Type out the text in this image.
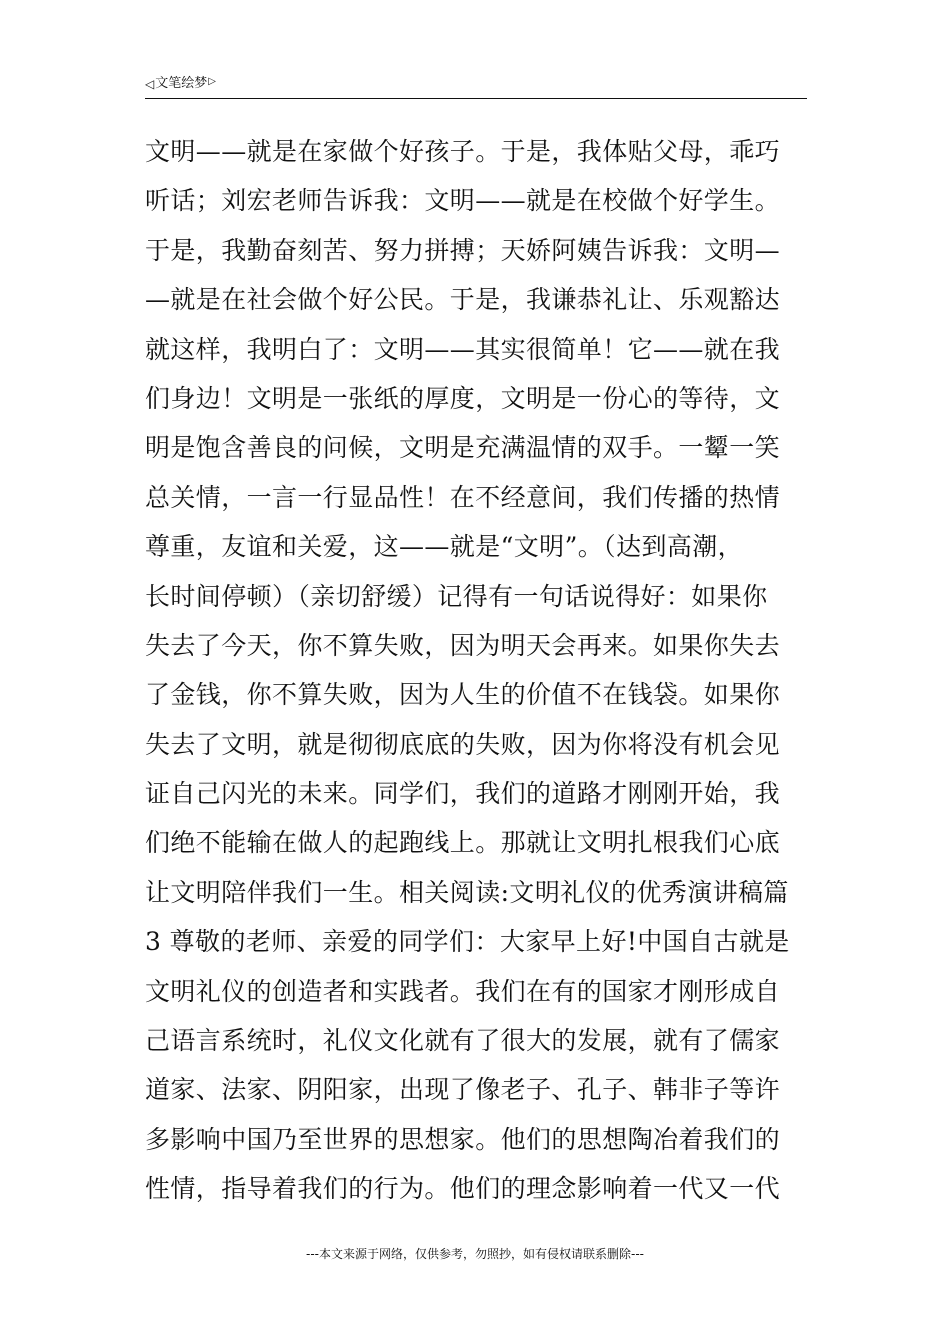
◁ 文笔绘梦 ▷
文明——就是在家做个好孩子。于是，我体贴父母，乖巧
听话；刘宏老师告诉我：文明——就是在校做个好学生。
于是，我勤奋刻苦、努力拼搏；天娇阿姨告诉我：文明—
—就是在社会做个好公民。于是，我谦恭礼让、乐观豁达
就这样，我明白了：文明——其实很简单！它——就在我
们身边！文明是一张纸的厚度，文明是一份心的等待，文
明是饱含善良的问候，文明是充满温情的双手。一颦一笑
总关情，一言一行显品性！在不经意间，我们传播的热情
尊重，友谊和关爱，这——就是“文明”。（达到高潮，
长时间停顿）（亲切舒缓）记得有一句话说得好：如果你
失去了今天，你不算失败，因为明天会再来。如果你失去
了金钱，你不算失败，因为人生的价值不在钱袋。如果你
失去了文明，就是彻彻底底的失败，因为你将没有机会见
证自己闪光的未来。同学们，我们的道路才刚刚开始，我
们绝不能输在做人的起跑线上。那就让文明扎根我们心底
让文明陪伴我们一生。相关阅读:文明礼仪的优秀演讲稿篇
3 尊敬的老师、亲爱的同学们：大家早上好!中国自古就是
文明礼仪的创造者和实践者。我们在有的国家才刚形成自
己语言系统时，礼仪文化就有了很大的发展，就有了儒家
道家、法家、阴阳家，出现了像老子、孔子、韩非子等许
多影响中国乃至世界的思想家。他们的思想陶冶着我们的
性情，指导着我们的行为。他们的理念影响着一代又一代
---本文来源于网络，仅供参考，勿照抄，如有侵权请联系删除---
